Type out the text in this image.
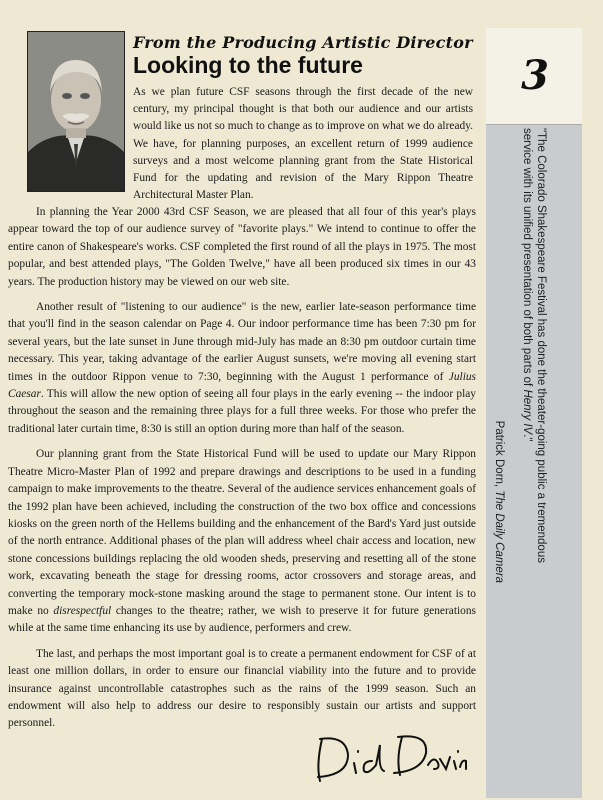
From the Producing Artistic Director
Looking to the future

As we plan future CSF seasons through the first decade of the new century, my principal thought is that both our audience and our artists would like us not so much to change as to improve on what we do already. We have, for planning purposes, an excellent return of 1999 audience surveys and a most welcome planning grant from the State Historical Fund for the updating and revision of the Mary Rippon Theatre Architectural Master Plan.

In planning the Year 2000 43rd CSF Season, we are pleased that all four of this year's plays appear toward the top of our audience survey of "favorite plays." We intend to continue to offer the entire canon of Shakespeare's works. CSF completed the first round of all the plays in 1975. The most popular, and best attended plays, "The Golden Twelve," have all been produced six times in our 43 years. The production history may be viewed on our web site.

Another result of "listening to our audience" is the new, earlier late-season performance time that you'll find in the season calendar on Page 4. Our indoor performance time has been 7:30 pm for several years, but the late sunset in June through mid-July has made an 8:30 pm outdoor curtain time necessary. This year, taking advantage of the earlier August sunsets, we're moving all evening start times in the outdoor Rippon venue to 7:30, beginning with the August 1 performance of Julius Caesar. This will allow the new option of seeing all four plays in the early evening -- the indoor play throughout the season and the remaining three plays for a full three weeks. For those who prefer the traditional later curtain time, 8:30 is still an option during more than half of the season.

Our planning grant from the State Historical Fund will be used to update our Mary Rippon Theatre Micro-Master Plan of 1992 and prepare drawings and descriptions to be used in a funding campaign to make improvements to the theatre. Several of the audience services enhancement goals of the 1992 plan have been achieved, including the construction of the two box office and concessions kiosks on the green north of the Hellems building and the enhancement of the Bard's Yard just outside of the north entrance. Additional phases of the plan will address wheel chair access and location, new stone concessions buildings replacing the old wooden sheds, preserving and resetting all of the stone work, excavating beneath the stage for dressing rooms, actor crossovers and storage areas, and converting the temporary mock-stone masking around the stage to permanent stone. Our intent is to make no disrespectful changes to the theatre; rather, we wish to preserve it for future generations while at the same time enhancing its use by audience, performers and crew.

The last, and perhaps the most important goal is to create a permanent endowment for CSF of at least one million dollars, in order to ensure our financial viability into the future and to provide insurance against uncontrollable catastrophes such as the rains of the 1999 season. Such an endowment will also help to address our desire to responsibly sustain our artists and support personnel.

3

"The Colorado Shakespeare Festival has done the theater-going public a tremendous service with its unified presentation of both parts of Henry IV."

Patrick Dorn, The Daily Camera
